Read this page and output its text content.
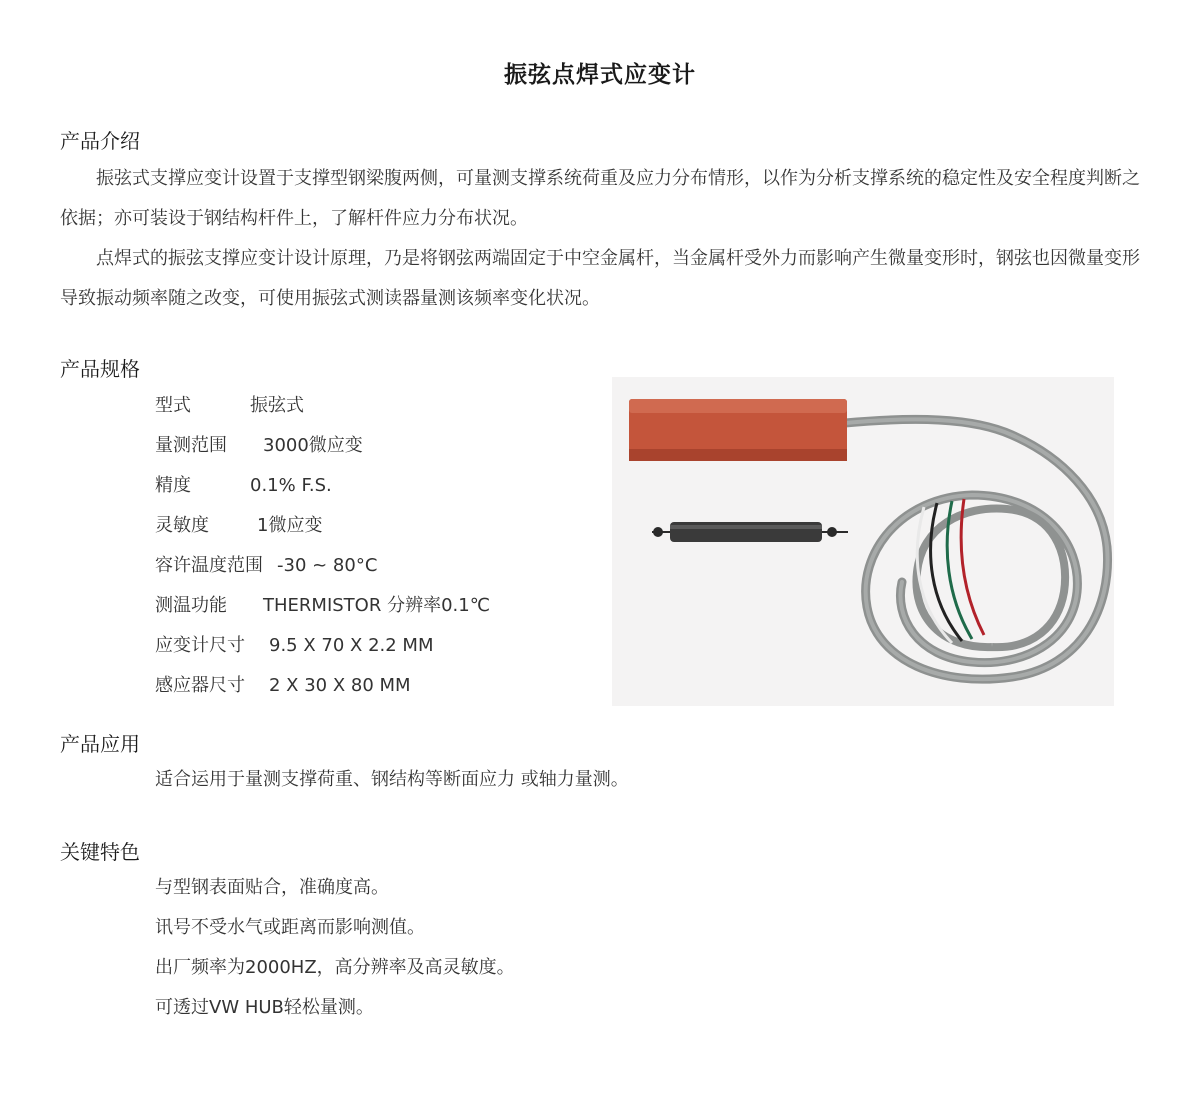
振弦点焊式应变计
产品介绍
振弦式支撑应变计设置于支撑型钢梁腹两侧，可量测支撑系统荷重及应力分布情形，以作为分析支撑系统的稳定性及安全程度判断之依据；亦可装设于钢结构杆件上，了解杆件应力分布状况。
点焊式的振弦支撑应变计设计原理，乃是将钢弦两端固定于中空金属杆，当金属杆受外力而影响产生微量变形时，钢弦也因微量变形导致振动频率随之改变，可使用振弦式测读器量测该频率变化状况。
产品规格
型式	振弦式
量测范围 3000微应变
精度	0.1% F.S.
灵敏度	1微应变
容许温度范围 -30 ~ 80°C
测温功能 THERMISTOR 分辨率0.1℃
应变计尺寸 9.5 X 70 X 2.2 MM
感应器尺寸 2 X 30 X 80 MM
产品应用
适合运用于量测支撑荷重、钢结构等断面应力 或轴力量测。
关键特色
与型钢表面贴合，准确度高。
讯号不受水气或距离而影响测值。
出厂频率为2000HZ，高分辨率及高灵敏度。
可透过VW HUB轻松量测。
